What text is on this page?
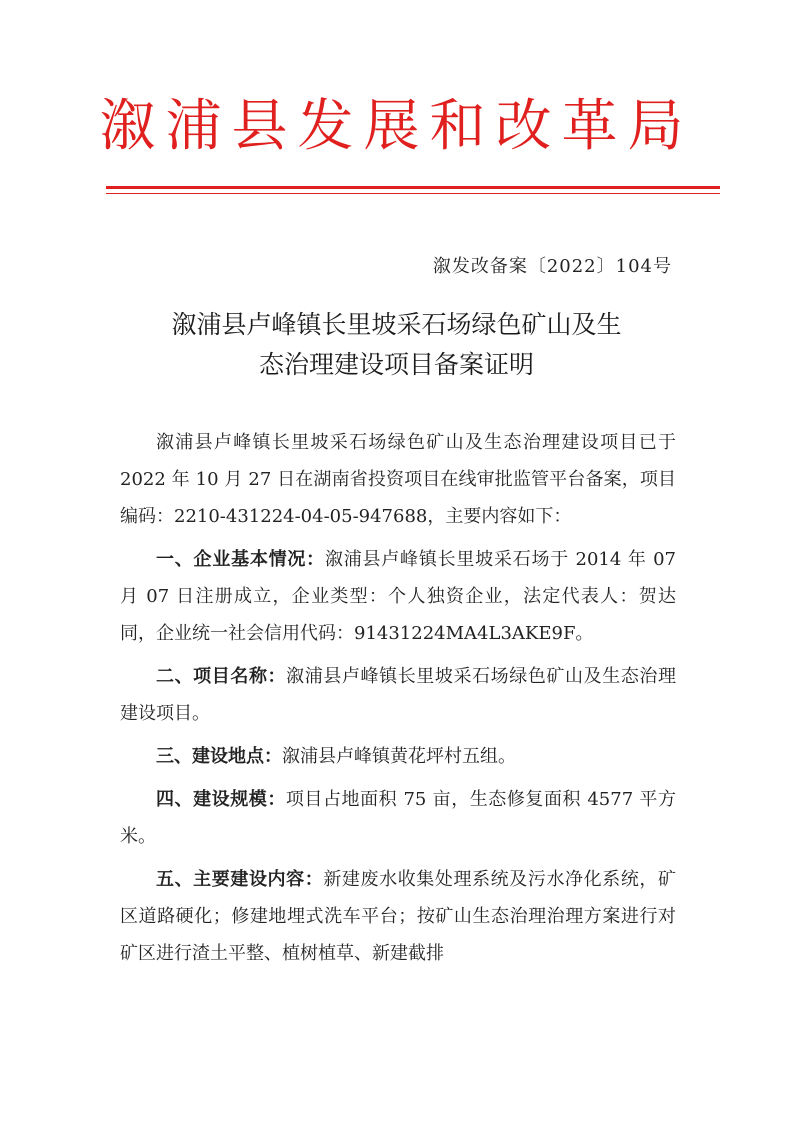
溆浦县发展和改革局
溆发改备案〔2022〕104号
溆浦县卢峰镇长里坡采石场绿色矿山及生
态治理建设项目备案证明

溆浦县卢峰镇长里坡采石场绿色矿山及生态治理建设项目已于 2022 年 10 月 27 日在湖南省投资项目在线审批监管平台备案，项目编码：2210-431224-04-05-947688，主要内容如下：

一、企业基本情况：溆浦县卢峰镇长里坡采石场于 2014 年 07 月 07 日注册成立，企业类型：个人独资企业，法定代表人：贺达同，企业统一社会信用代码：91431224MA4L3AKE9F。

二、项目名称：溆浦县卢峰镇长里坡采石场绿色矿山及生态治理建设项目。

三、建设地点：溆浦县卢峰镇黄花坪村五组。

四、建设规模：项目占地面积 75 亩，生态修复面积 4577 平方米。

五、主要建设内容：新建废水收集处理系统及污水净化系统，矿区道路硬化；修建地埋式洗车平台；按矿山生态治理治理方案进行对矿区进行渣土平整、植树植草、新建截排
